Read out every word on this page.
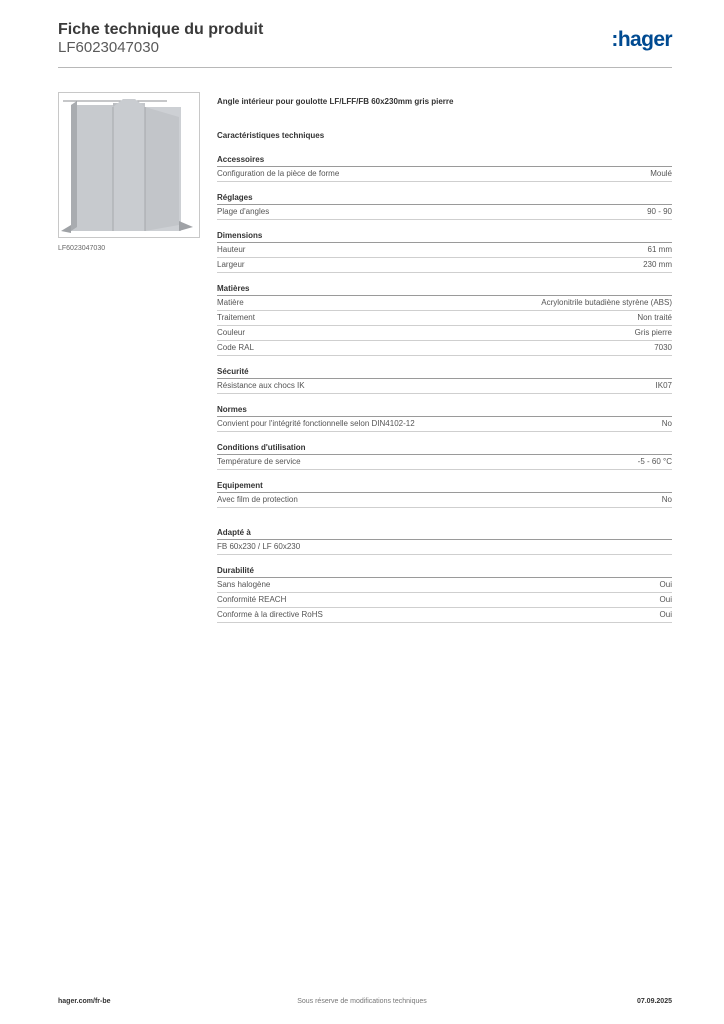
Fiche technique du produit
LF6023047030	:hager
LF6023047030
Angle intérieur pour goulotte LF/LFF/FB 60x230mm gris pierre
Caractéristiques techniques
Accessoires
Configuration de la pièce de forme	Moulé
Réglages
Plage d'angles	90 - 90
Dimensions
Hauteur	61 mm
Largeur	230 mm
Matières
Matière	Acrylonitrile butadiène styrène (ABS)
Traitement	Non traité
Couleur	Gris pierre
Code RAL	7030
Sécurité
Résistance aux chocs IK	IK07
Normes
Convient pour l'intégrité fonctionnelle selon DIN4102-12	No
Conditions d'utilisation
Température de service	-5 - 60 °C
Equipement
Avec film de protection	No
Adapté à
FB 60x230 / LF 60x230
Durabilité
Sans halogène	Oui
Conformité REACH	Oui
Conforme à la directive RoHS	Oui
hager.com/fr-be	Sous réserve de modifications techniques	07.09.2025
